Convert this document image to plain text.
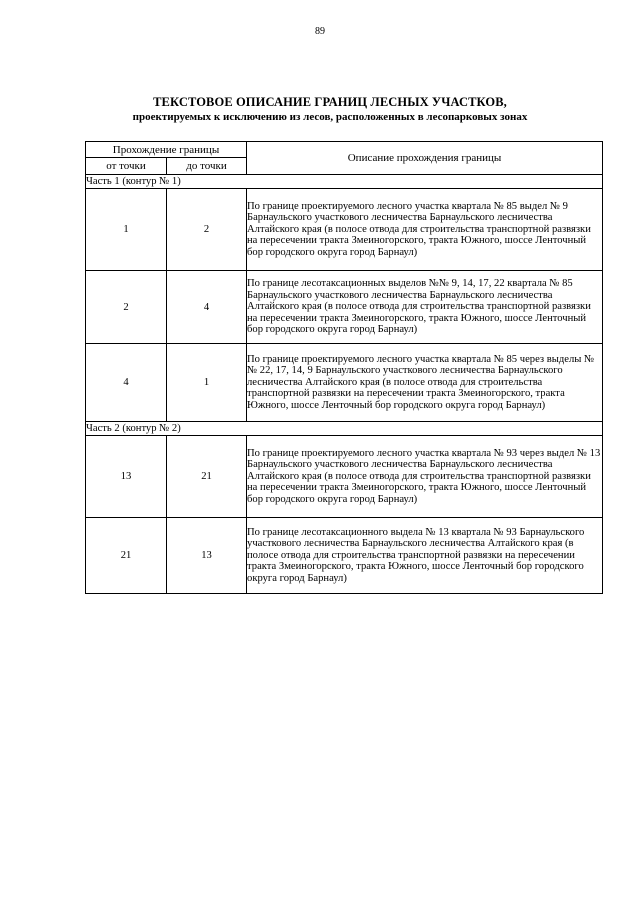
89
ТЕКСТОВОЕ ОПИСАНИЕ ГРАНИЦ ЛЕСНЫХ УЧАСТКОВ,
проектируемых к исключению из лесов, расположенных в лесопарковых зонах
Прохождение границы		Описание прохождения границы
от точки	до точки	
Часть 1 (контур № 1)		
1	2	По границе проектируемого лесного участка квартала № 85 выдел № 9 Барнаульского участкового лесничества Барнаульского лесничества Алтайского края (в полосе отвода для строительства транспортной развязки на пересечении тракта Змеиногорского, тракта Южного, шоссе Ленточный бор городского округа город Барнаул)
2	4	По границе лесотаксационных выделов №№ 9, 14, 17, 22 квартала № 85 Барнаульского участкового лесничества Барнаульского лесничества Алтайского края (в полосе отвода для строительства транспортной развязки на пересечении тракта Змеиногорского, тракта Южного, шоссе Ленточный бор городского округа город Барнаул)
4	1	По границе проектируемого лесного участка квартала № 85 через выделы №№ 22, 17, 14, 9 Барнаульского участкового лесничества Барнаульского лесничества Алтайского края (в полосе отвода для строительства транспортной развязки на пересечении тракта Змеиногорского, тракта Южного, шоссе Ленточный бор городского округа город Барнаул)
Часть 2 (контур № 2)		
13	21	По границе проектируемого лесного участка квартала № 93 через выдел № 13 Барнаульского участкового лесничества Барнаульского лесничества Алтайского края (в полосе отвода для строительства транспортной развязки на пересечении тракта Змеиногорского, тракта Южного, шоссе Ленточный бор городского округа город Барнаул)
21	13	По границе лесотаксационного выдела № 13 квартала № 93 Барнаульского участкового лесничества Барнаульского лесничества Алтайского края (в полосе отвода для строительства транспортной развязки на пересечении тракта Змеиногорского, тракта Южного, шоссе Ленточный бор городского округа город Барнаул)
